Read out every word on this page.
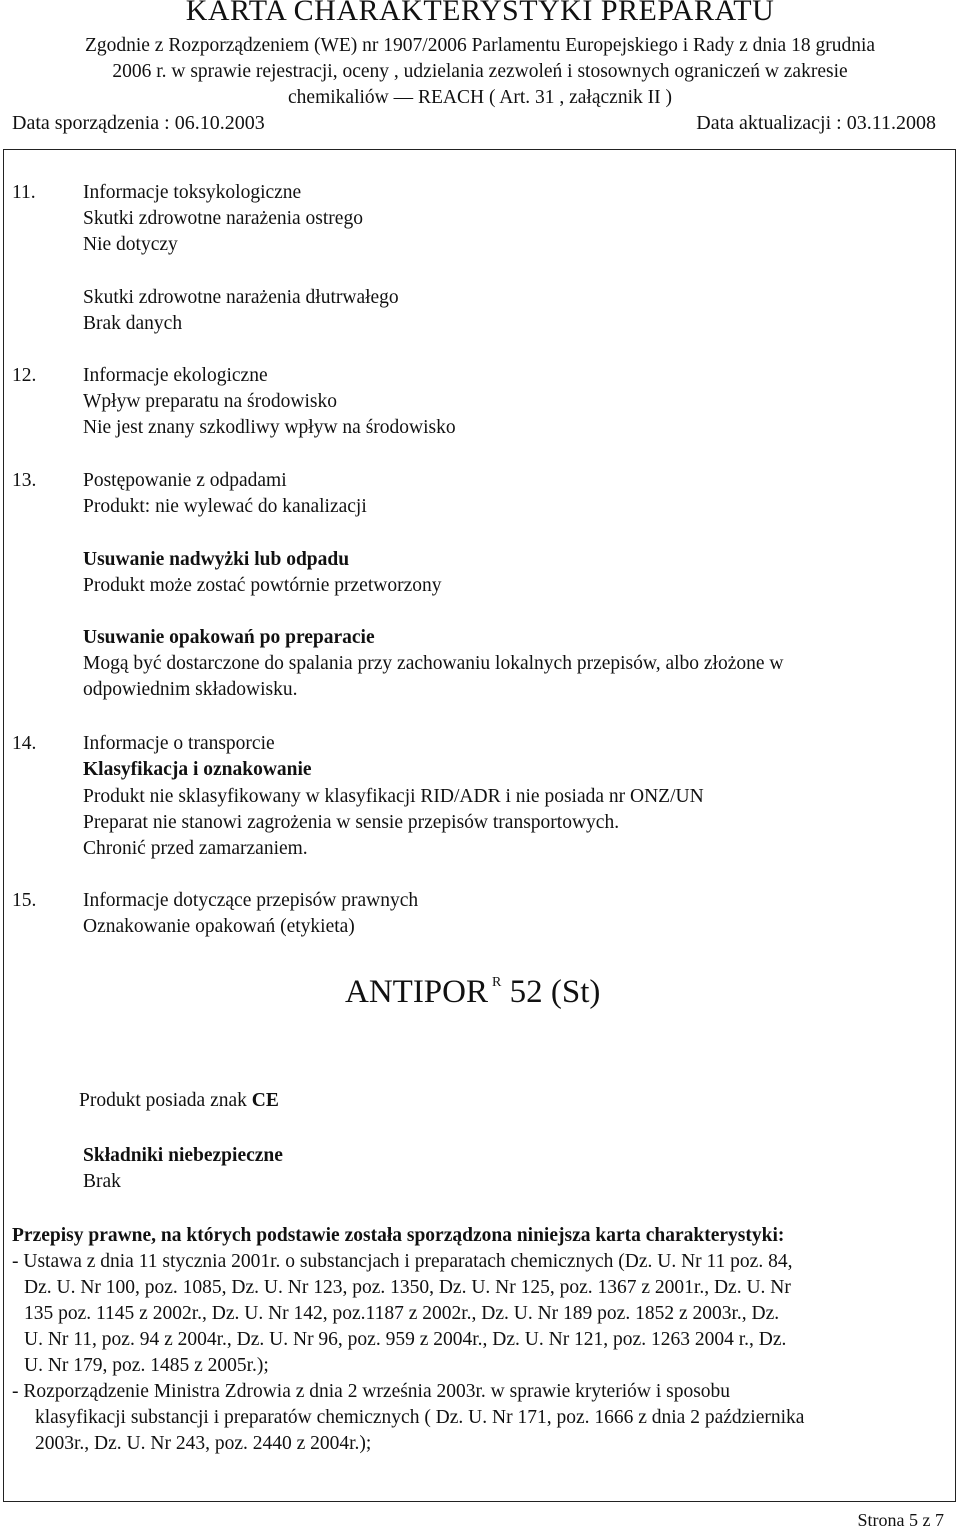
KARTA CHARAKTERYSTYKI PREPARATU
Zgodnie z Rozporządzeniem (WE) nr 1907/2006 Parlamentu Europejskiego i Rady z dnia 18 grudnia
2006 r. w sprawie rejestracji, oceny , udzielania zezwoleń i stosownych ograniczeń w zakresie
chemikaliów — REACH ( Art. 31 , załącznik II )
Data sporządzenia : 06.10.2003	Data aktualizacji : 03.11.2008
11. Informacje toksykologiczne
Skutki zdrowotne narażenia ostrego
Nie dotyczy
Skutki zdrowotne narażenia dłutrwałego
Brak danych
12. Informacje ekologiczne
Wpływ preparatu na środowisko
Nie jest znany szkodliwy wpływ na środowisko
13. Postępowanie z odpadami
Produkt: nie wylewać do kanalizacji
Usuwanie nadwyżki lub odpadu
Produkt może zostać powtórnie przetworzony
Usuwanie opakowań po preparacie
Mogą być dostarczone do spalania przy zachowaniu lokalnych przepisów, albo złożone w
odpowiednim składowisku.
14. Informacje o transporcie
Klasyfikacja i oznakowanie
Produkt nie sklasyfikowany w klasyfikacji RID/ADR i nie posiada nr ONZ/UN
Preparat nie stanowi zagrożenia w sensie przepisów transportowych.
Chronić przed zamarzaniem.
15. Informacje dotyczące przepisów prawnych
Oznakowanie opakowań (etykieta)
ANTIPOR $^R$ 52 (St)
Produkt posiada znak CE
Składniki niebezpieczne
Brak
Przepisy prawne, na których podstawie została sporządzona niniejsza karta charakterystyki:
- Ustawa z dnia 11 stycznia 2001r. o substancjach i preparatach chemicznych (Dz. U. Nr 11 poz. 84,
Dz. U. Nr 100, poz. 1085, Dz. U. Nr 123, poz. 1350, Dz. U. Nr 125, poz. 1367 z 2001r., Dz. U. Nr
135 poz. 1145 z 2002r., Dz. U. Nr 142, poz.1187 z 2002r., Dz. U. Nr 189 poz. 1852 z 2003r., Dz.
U. Nr 11, poz. 94 z 2004r., Dz. U. Nr 96, poz. 959 z 2004r., Dz. U. Nr 121, poz. 1263 2004 r., Dz.
U. Nr 179, poz. 1485 z 2005r.);
- Rozporządzenie Ministra Zdrowia z dnia 2 września 2003r. w sprawie kryteriów i sposobu
klasyfikacji substancji i preparatów chemicznych ( Dz. U. Nr 171, poz. 1666 z dnia 2 października
2003r., Dz. U. Nr 243, poz. 2440 z 2004r.);
Strona 5 z 7
